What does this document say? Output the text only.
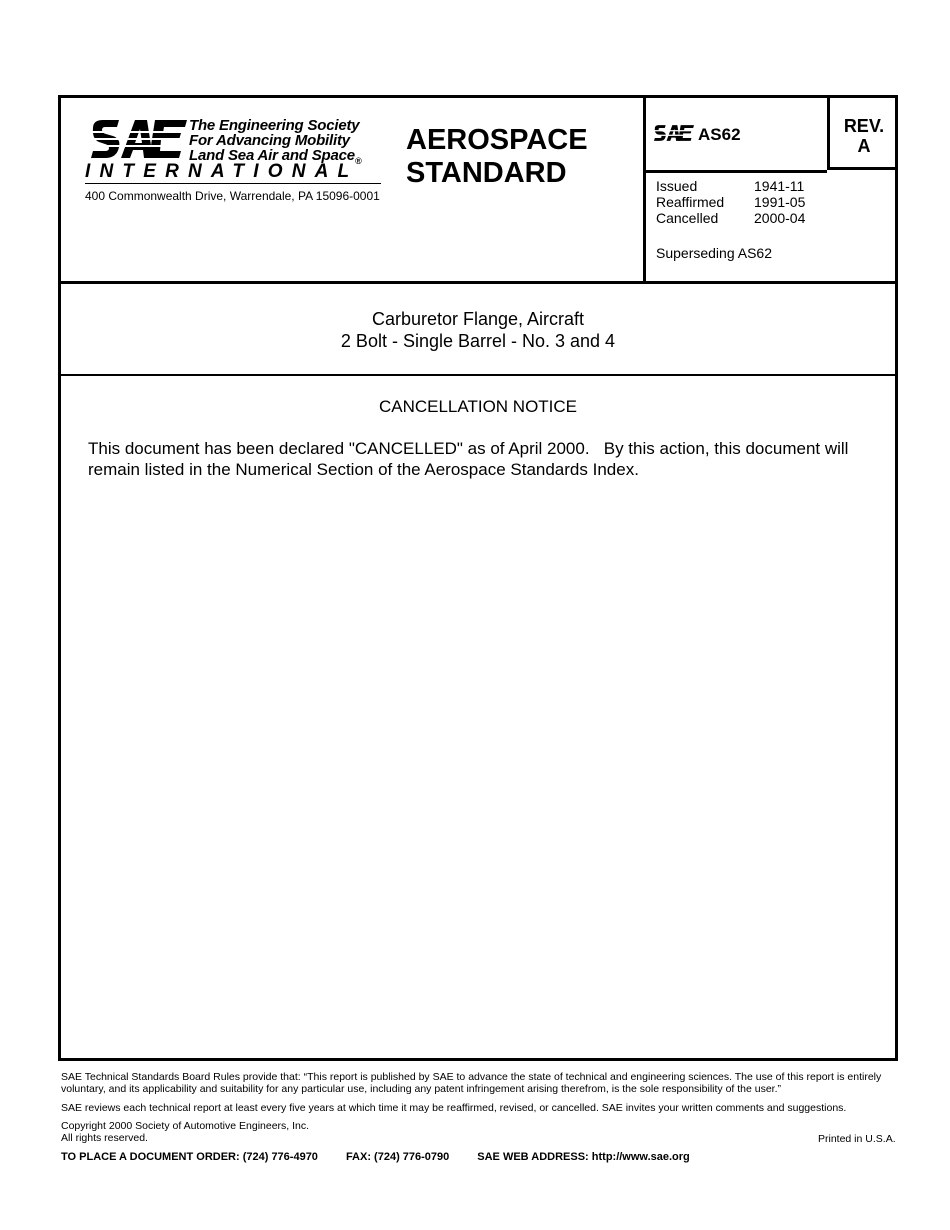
The Engineering Society
For Advancing Mobility
Land Sea Air and Space$_®$
INTERNATIONAL
400 Commonwealth Drive, Warrendale, PA 15096-0001
AEROSPACE
STANDARD
AS62	REV.
A
Issued	1941-11
Reaffirmed	1991-05
Cancelled	2000-04
Superseding AS62
Carburetor Flange, Aircraft
2 Bolt - Single Barrel - No. 3 and 4
CANCELLATION NOTICE
This document has been declared "CANCELLED" as of April 2000.   By this action, this document will remain listed in the Numerical Section of the Aerospace Standards Index.
SAE Technical Standards Board Rules provide that: “This report is published by SAE to advance the state of technical and engineering sciences. The use of this report is entirely voluntary, and its applicability and suitability for any particular use, including any patent infringement arising therefrom, is the sole responsibility of the user.”
SAE reviews each technical report at least every five years at which time it may be reaffirmed, revised, or cancelled. SAE invites your written comments and suggestions.
Copyright 2000 Society of Automotive Engineers, Inc.
All rights reserved.	Printed in U.S.A.
TO PLACE A DOCUMENT ORDER: (724) 776-4970	FAX: (724) 776-0790	SAE WEB ADDRESS: http://www.sae.org
